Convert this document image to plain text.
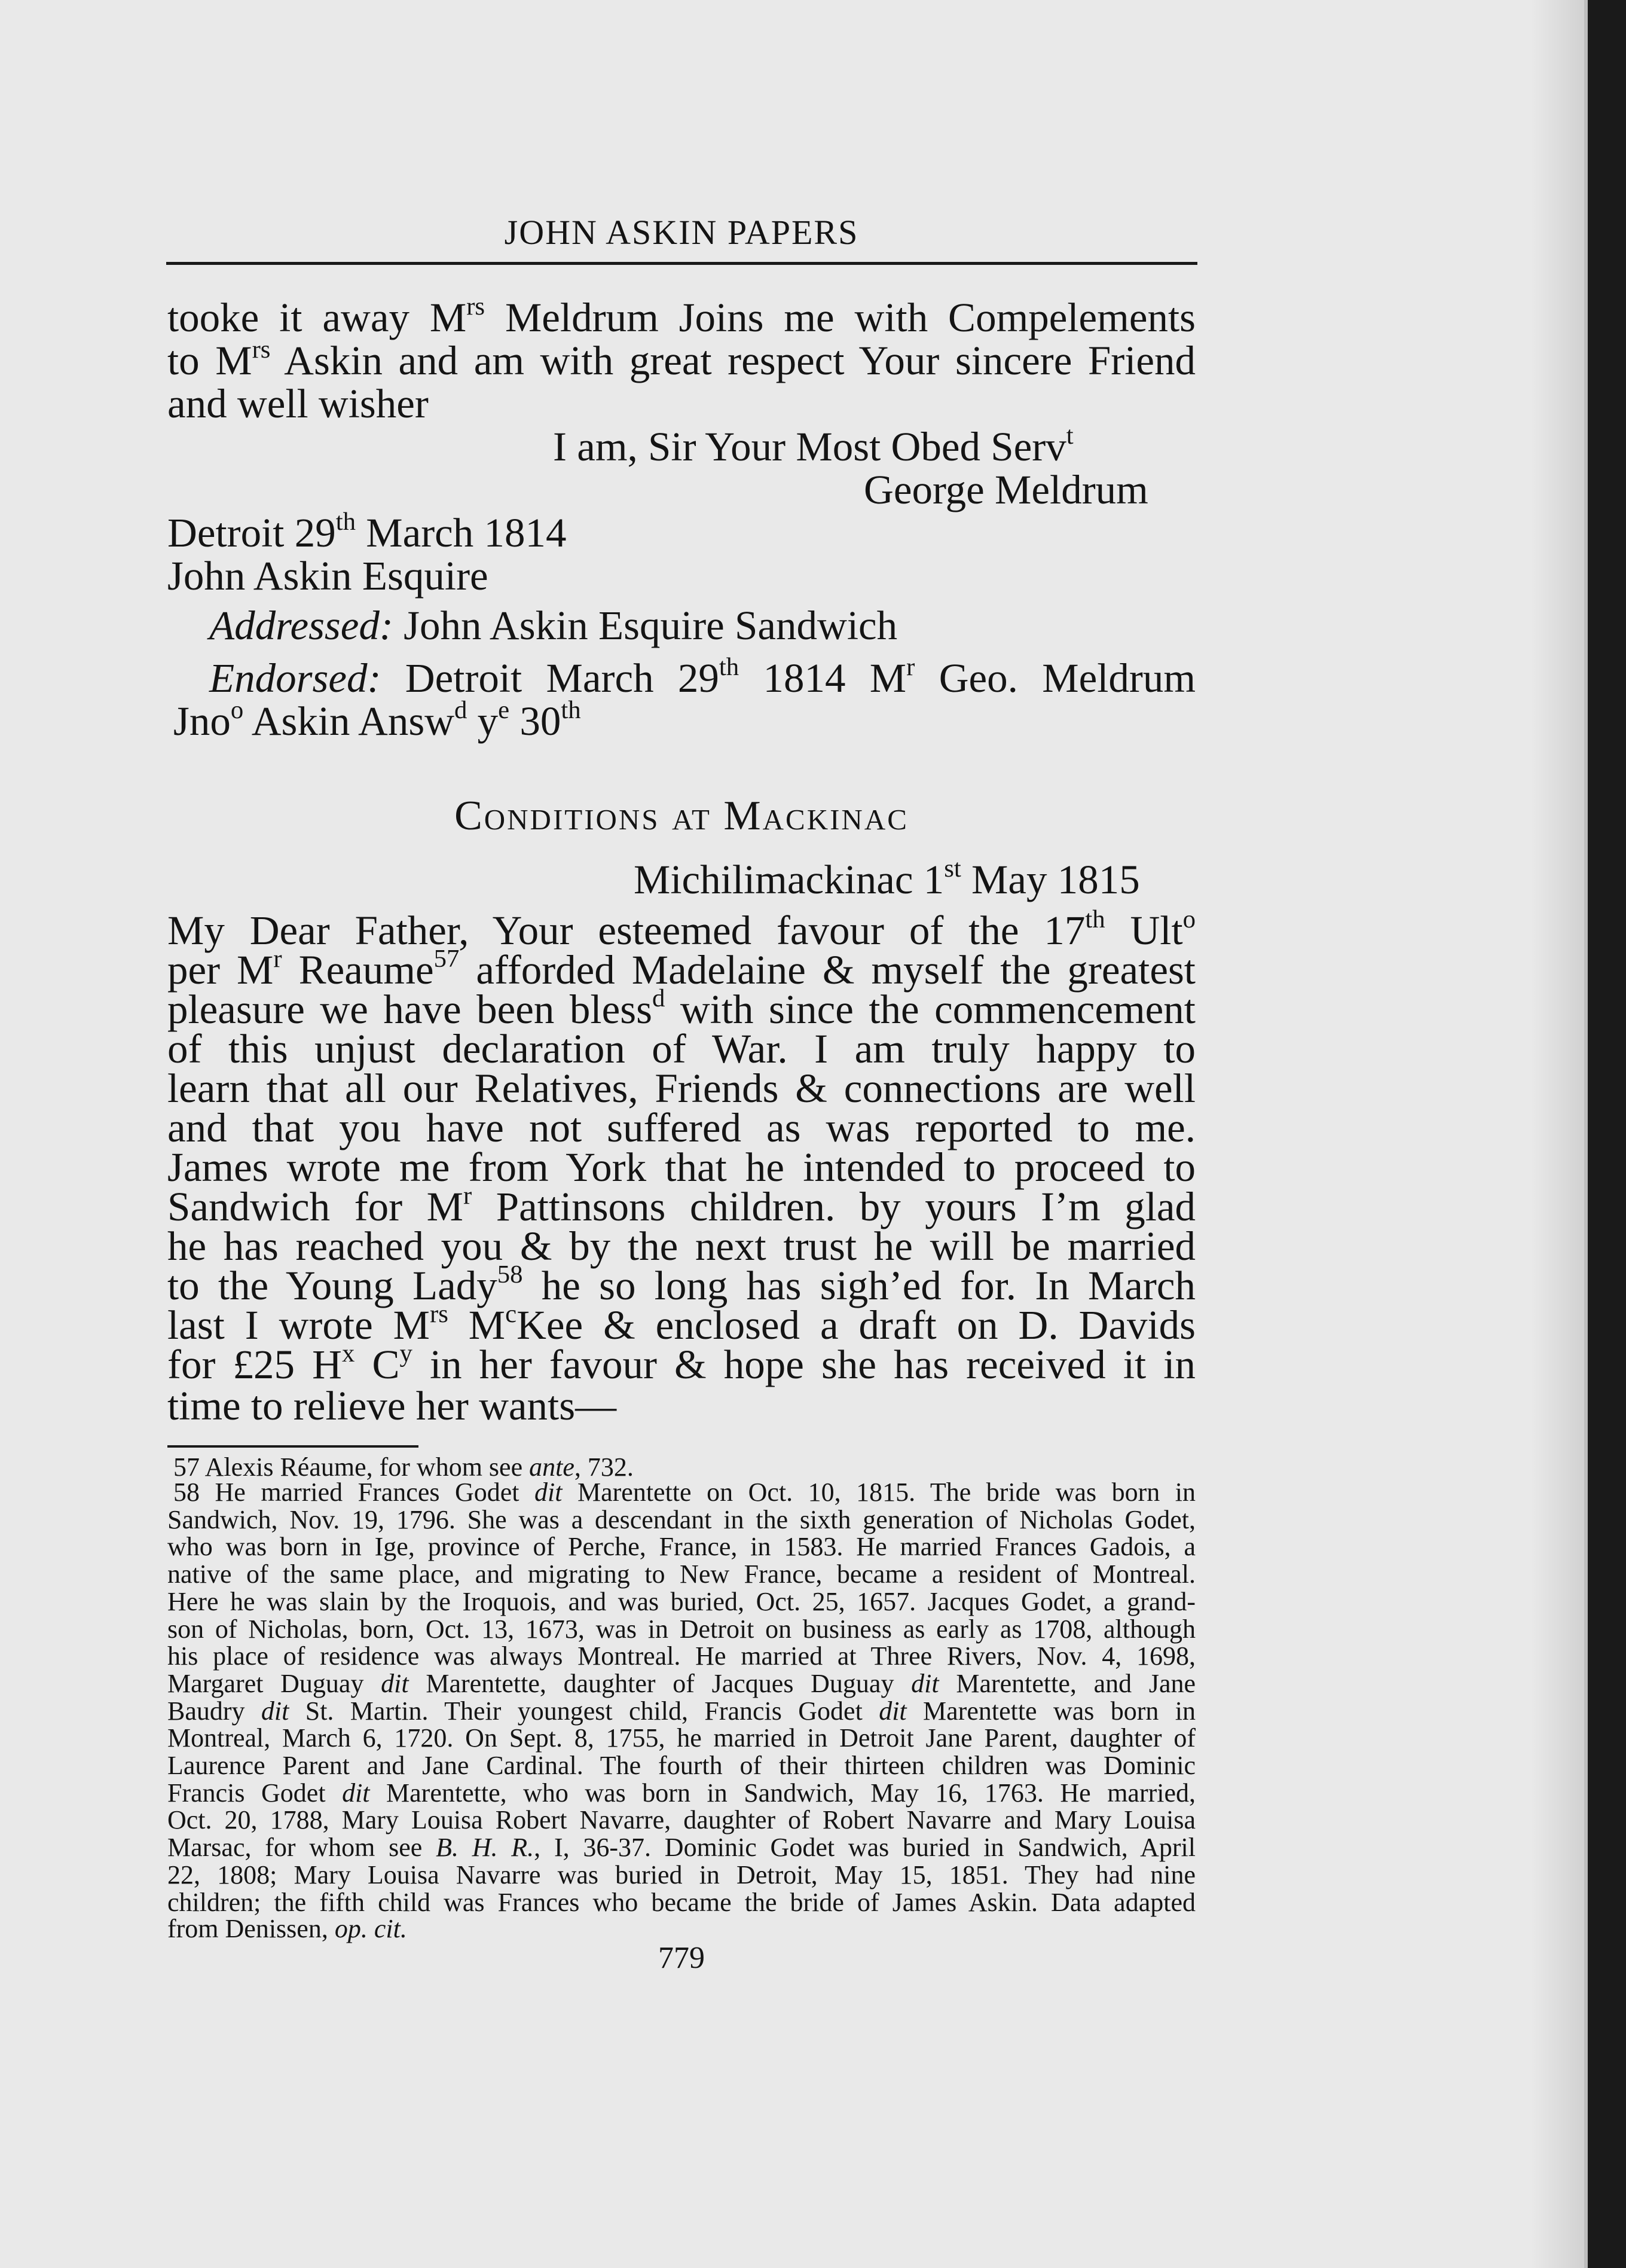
JOHN ASKIN PAPERS
tooke it away $M^{rs}$ Meldrum Joins me with Compelements
to $M^{rs}$ Askin and am with great respect Your sincere Friend
and well wisher
I am, Sir Your Most Obed Serv$^t$
George Meldrum
Detroit 29th March 1814
John Askin Esquire
Addressed: John Askin Esquire Sandwich
Endorsed: Detroit March 29th 1814 $M^r$ Geo. Meldrum
Jno$^o$ Askin Answ$^d$ $y^e$ 30th
Conditions at Mackinac
Michilimackinac 1st May 1815
My Dear Father, Your esteemed favour of the 17th Ult$^o$
per $M^r$ Reaume$^{57}$ afforded Madelaine & myself the greatest
pleasure we have been bless$^d$ with since the commencement
of this unjust declaration of War. I am truly happy to
learn that all our Relatives, Friends & connections are well
and that you have not suffered as was reported to me.
James wrote me from York that he intended to proceed to
Sandwich for $M^r$ Pattinsons children. by yours I’m glad
he has reached you & by the next trust he will be married
to the Young Lady$^{58}$ he so long has sigh’ed for. In March
last I wrote $M^{rs}$ $M^cKee$ & enclosed a draft on D. Davids
for £25 $H^x$ $C^y$ in her favour & hope she has received it in
time to relieve her wants—
57 Alexis Réaume, for whom see ante, 732.
58 He married Frances Godet dit Marentette on Oct. 10, 1815. The bride was born in
Sandwich, Nov. 19, 1796. She was a descendant in the sixth generation of Nicholas Godet,
who was born in Ige, province of Perche, France, in 1583. He married Frances Gadois, a
native of the same place, and migrating to New France, became a resident of Montreal.
Here he was slain by the Iroquois, and was buried, Oct. 25, 1657. Jacques Godet, a grand-
son of Nicholas, born, Oct. 13, 1673, was in Detroit on business as early as 1708, although
his place of residence was always Montreal. He married at Three Rivers, Nov. 4, 1698,
Margaret Duguay dit Marentette, daughter of Jacques Duguay dit Marentette, and Jane
Baudry dit St. Martin. Their youngest child, Francis Godet dit Marentette was born in
Montreal, March 6, 1720. On Sept. 8, 1755, he married in Detroit Jane Parent, daughter of
Laurence Parent and Jane Cardinal. The fourth of their thirteen children was Dominic
Francis Godet dit Marentette, who was born in Sandwich, May 16, 1763. He married,
Oct. 20, 1788, Mary Louisa Robert Navarre, daughter of Robert Navarre and Mary Louisa
Marsac, for whom see B. H. R., I, 36-37. Dominic Godet was buried in Sandwich, April
22, 1808; Mary Louisa Navarre was buried in Detroit, May 15, 1851. They had nine
children; the fifth child was Frances who became the bride of James Askin. Data adapted
from Denissen, op. cit.
779
